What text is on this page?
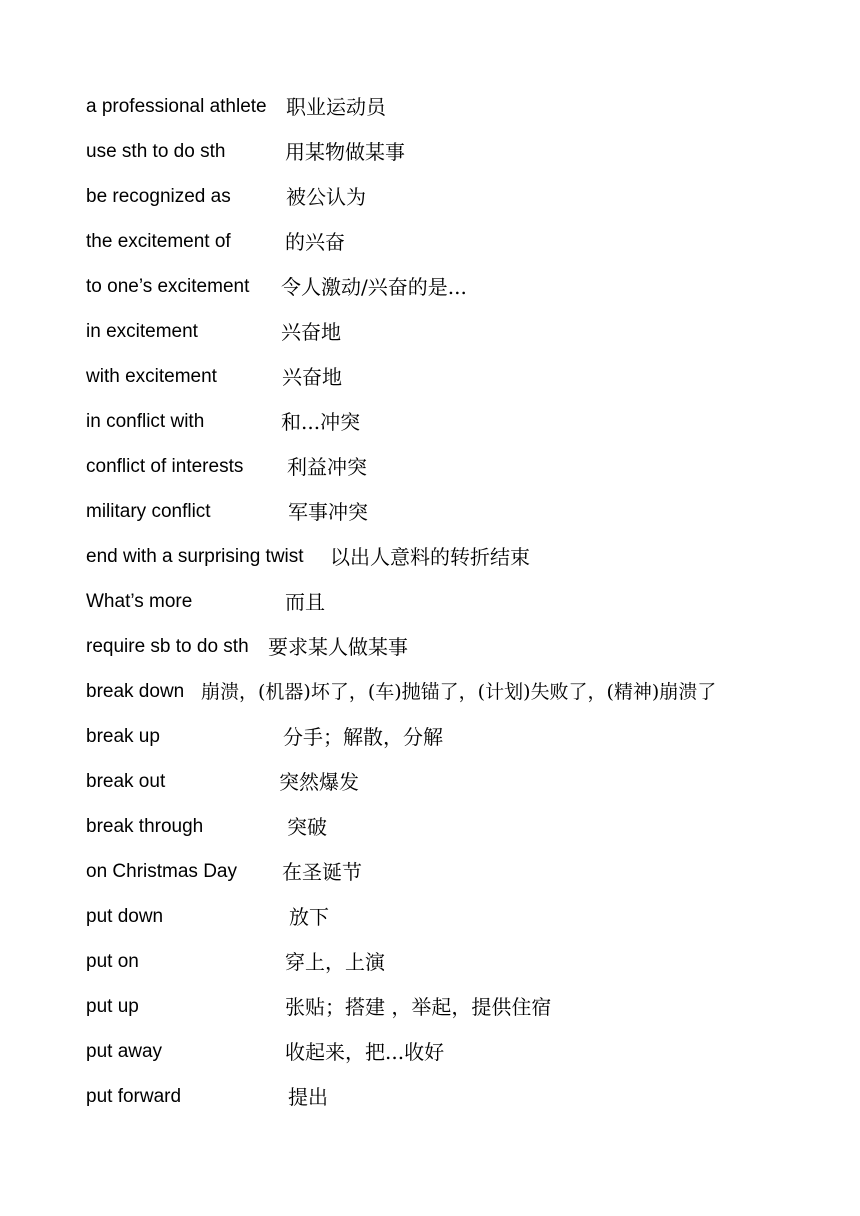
a professional athlete 职业运动员
use sth to do sth	用某物做某事
be recognized as	被公认为
the excitement of	的兴奋
to one’s excitement 令人激动/兴奋的是...
in excitement	兴奋地
with excitement	兴奋地
in conflict with	和...冲突
conflict of interests 利益冲突
military conflict	军事冲突
end with a surprising twist 以出人意料的转折结束
What’s more	而且
require sb to do sth 要求某人做某事
break down 崩溃，(机器)坏了，(车)抛锚了，(计划)失败了，(精神)崩溃了
break up	分手；解散，分解
break out	突然爆发
break through	突破
on Christmas Day 在圣诞节
put down	放下
put on	穿上，上演
put up	张贴；搭建 ，举起，提供住宿
put away	收起来，把...收好
put forward	提出
